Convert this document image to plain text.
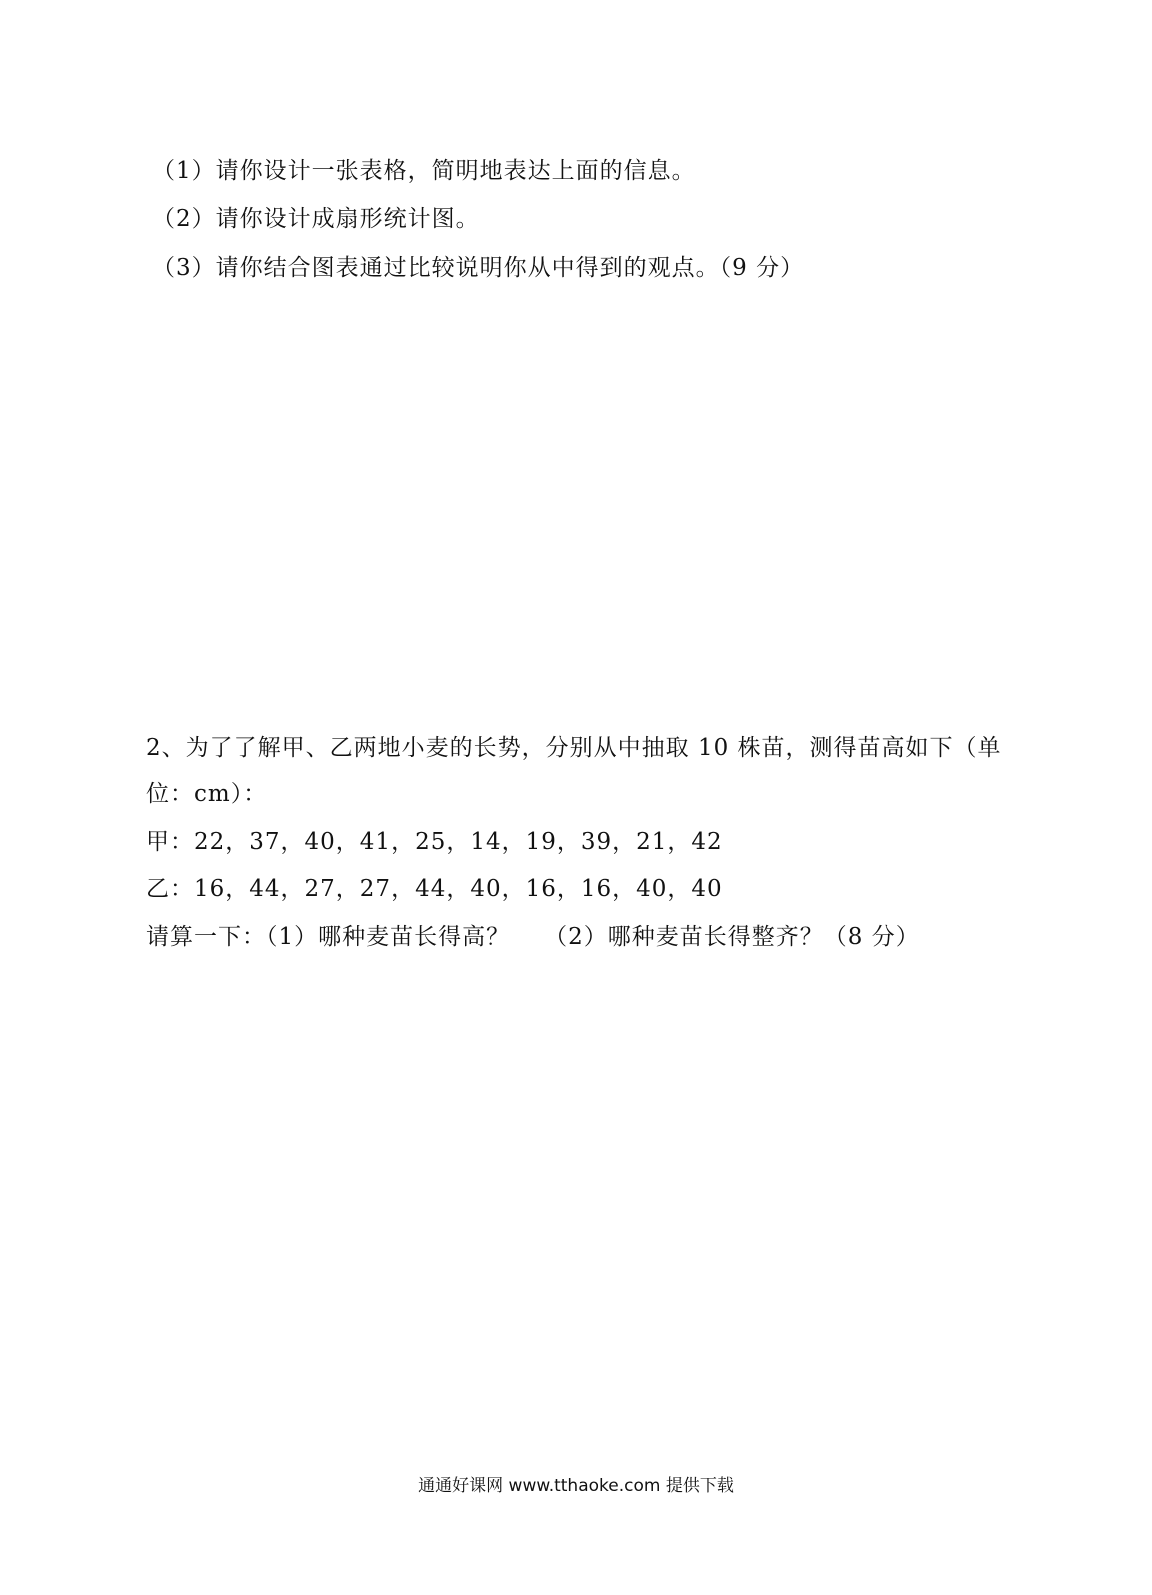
（1）请你设计一张表格，简明地表达上面的信息。
（2）请你设计成扇形统计图。
（3）请你结合图表通过比较说明你从中得到的观点。（9 分）
2、为了了解甲、乙两地小麦的长势，分别从中抽取 10 株苗，测得苗高如下（单
位：cm）：
甲：22，37，40，41，25，14，19，39，21，42
乙：16，44，27，27，44，40，16，16，40，40
请算一下：（1）哪种麦苗长得高？ （2）哪种麦苗长得整齐？（8 分）
通通好课网 www.tthaoke.com 提供下载
